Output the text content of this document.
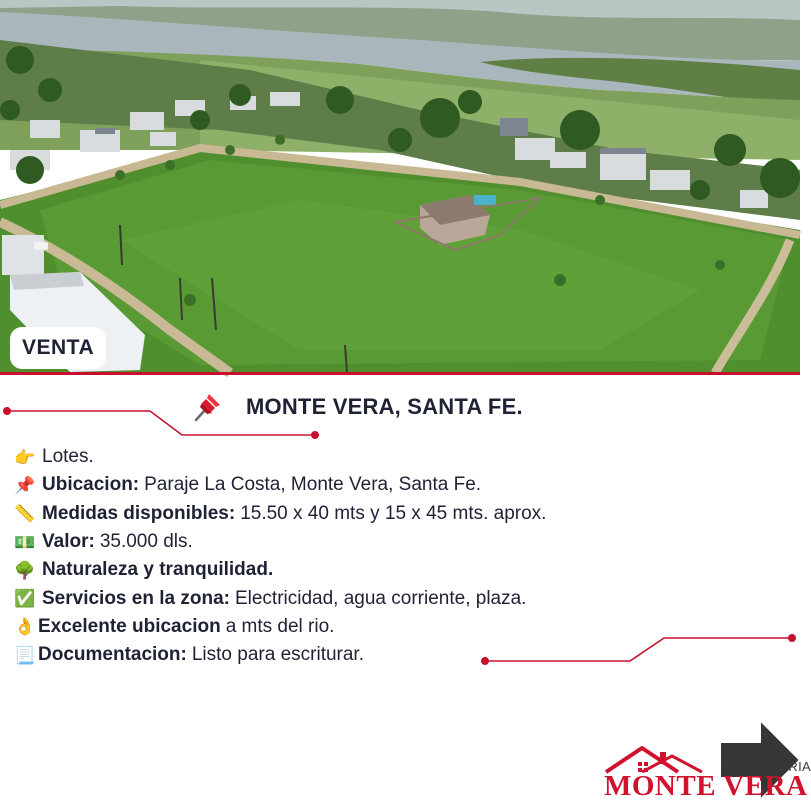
VENTA
MONTE VERA, SANTA FE.
👉 Lotes.
📌 Ubicacion: Paraje La Costa, Monte Vera, Santa Fe.
📏 Medidas disponibles: 15.50 x 40 mts y 15 x 45 mts. aprox.
💵 Valor: 35.000 dls.
🌳 Naturaleza y tranquilidad.
✅ Servicios en la zona: Electricidad, agua corriente, plaza.
👌 Excelente ubicacion a mts del rio.
📃 Documentacion: Listo para escriturar.
INMOBILIARIA
MONTE VERA
